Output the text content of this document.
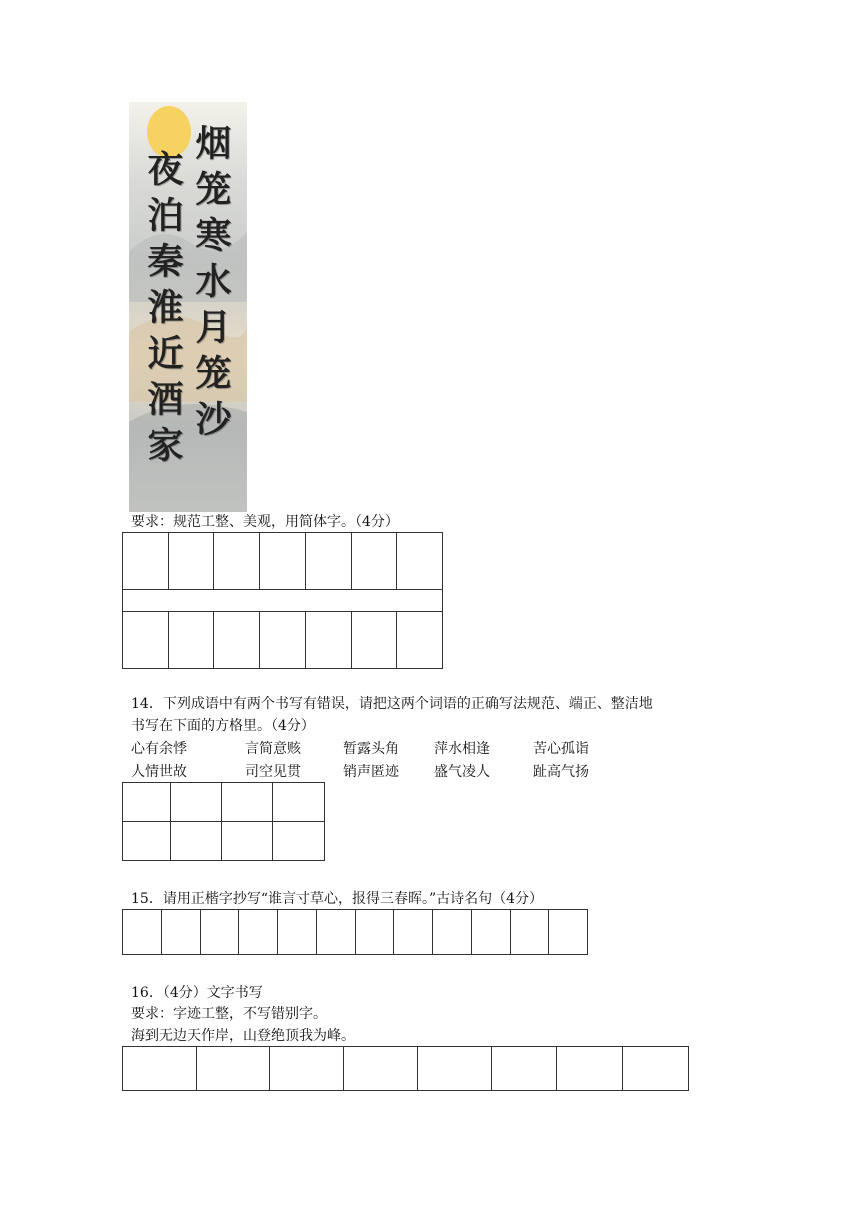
烟笼寒水月笼沙
夜泊秦淮近酒家
要求：规范工整、美观，用简体字。（4分）

14．下列成语中有两个书写有错误，请把这两个词语的正确写法规范、端正、整洁地
书写在下面的方格里。（4分）
心有余悸	言简意赅	暂露头角	萍水相逢	苦心孤诣
人情世故	司空见贯	销声匿迹	盛气凌人	趾高气扬

15．请用正楷字抄写“谁言寸草心，报得三春晖。”古诗名句（4分）

16．（4分）文字书写
要求：字迹工整，不写错别字。
海到无边天作岸，山登绝顶我为峰。
